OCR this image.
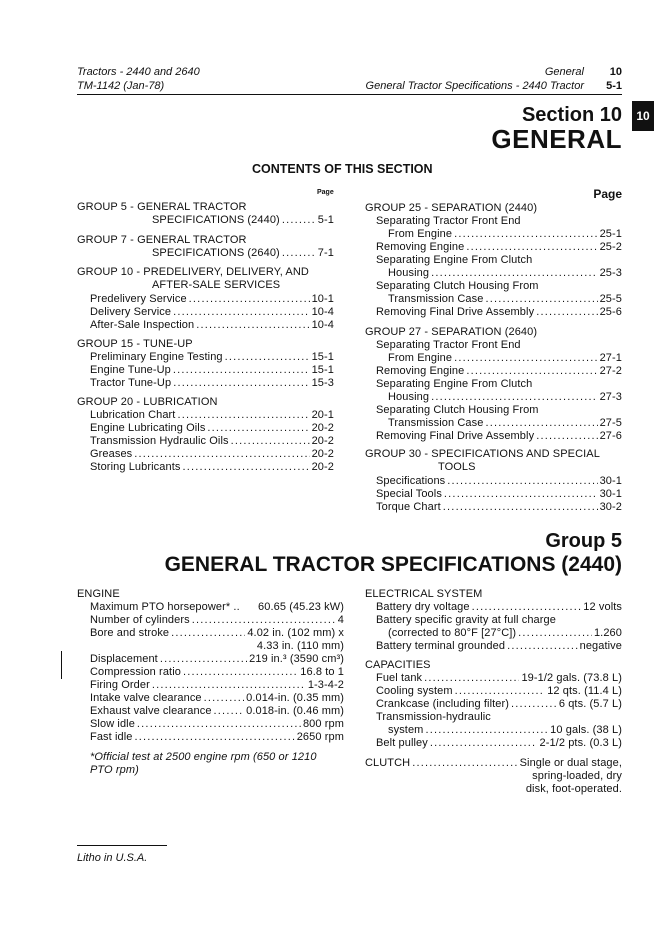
Tractors - 2440 and 2640
TM-1142 (Jan-78)
General 10
General Tractor Specifications - 2440 Tractor 5-1
10
Section 10
GENERAL
CONTENTS OF THIS SECTION
Page
GROUP 5 - GENERAL TRACTOR
SPECIFICATIONS (2440) .....	5-1
GROUP 7 - GENERAL TRACTOR
SPECIFICATIONS (2640) .....	7-1
GROUP 10 - PREDELIVERY, DELIVERY, AND
AFTER-SALE SERVICES
Predelivery Service .....	10-1
Delivery Service .....	10-4
After-Sale Inspection .....	10-4
GROUP 15 - TUNE-UP
Preliminary Engine Testing .....	15-1
Engine Tune-Up .....	15-1
Tractor Tune-Up .....	15-3
GROUP 20 - LUBRICATION
Lubrication Chart .....	20-1
Engine Lubricating Oils .....	20-2
Transmission Hydraulic Oils .....	20-2
Greases .....	20-2
Storing Lubricants .....	20-2
Page
GROUP 25 - SEPARATION (2440)
Separating Tractor Front End
From Engine .....	25-1
Removing Engine .....	25-2
Separating Engine From Clutch
Housing .....	25-3
Separating Clutch Housing From
Transmission Case .....	25-5
Removing Final Drive Assembly .....	25-6
GROUP 27 - SEPARATION (2640)
Separating Tractor Front End
From Engine .....	27-1
Removing Engine .....	27-2
Separating Engine From Clutch
Housing .....	27-3
Separating Clutch Housing From
Transmission Case .....	27-5
Removing Final Drive Assembly .....	27-6
GROUP 30 - SPECIFICATIONS AND SPECIAL
TOOLS
Specifications .....	30-1
Special Tools .....	30-1
Torque Chart .....	30-2
Group 5
GENERAL TRACTOR SPECIFICATIONS (2440)
ENGINE
Maximum PTO horsepower* .. 60.65 (45.23 kW)
Number of cylinders .....	4
Bore and stroke .....	4.02 in. (102 mm) x
4.33 in. (110 mm)
Displacement .....	219 in.³ (3590 cm³)
Compression ratio .....	16.8 to 1
Firing Order .....	1-3-4-2
Intake valve clearance .....	0.014-in. (0.35 mm)
Exhaust valve clearance .....	0.018-in. (0.46 mm)
Slow idle .....	800 rpm
Fast idle .....	2650 rpm
*Official test at 2500 engine rpm (650 or 1210
PTO rpm)
ELECTRICAL SYSTEM
Battery dry voltage .....	12 volts
Battery specific gravity at full charge
(corrected to 80°F [27°C]) .....	1.260
Battery terminal grounded .....	negative
CAPACITIES
Fuel tank .....	19-1/2 gals. (73.8 L)
Cooling system .....	12 qts. (11.4 L)
Crankcase (including filter) .....	6 qts. (5.7 L)
Transmission-hydraulic
system .....	10 gals. (38 L)
Belt pulley .....	2-1/2 pts. (0.3 L)
CLUTCH .....	Single or dual stage,
spring-loaded, dry
disk, foot-operated.
Litho in U.S.A.
